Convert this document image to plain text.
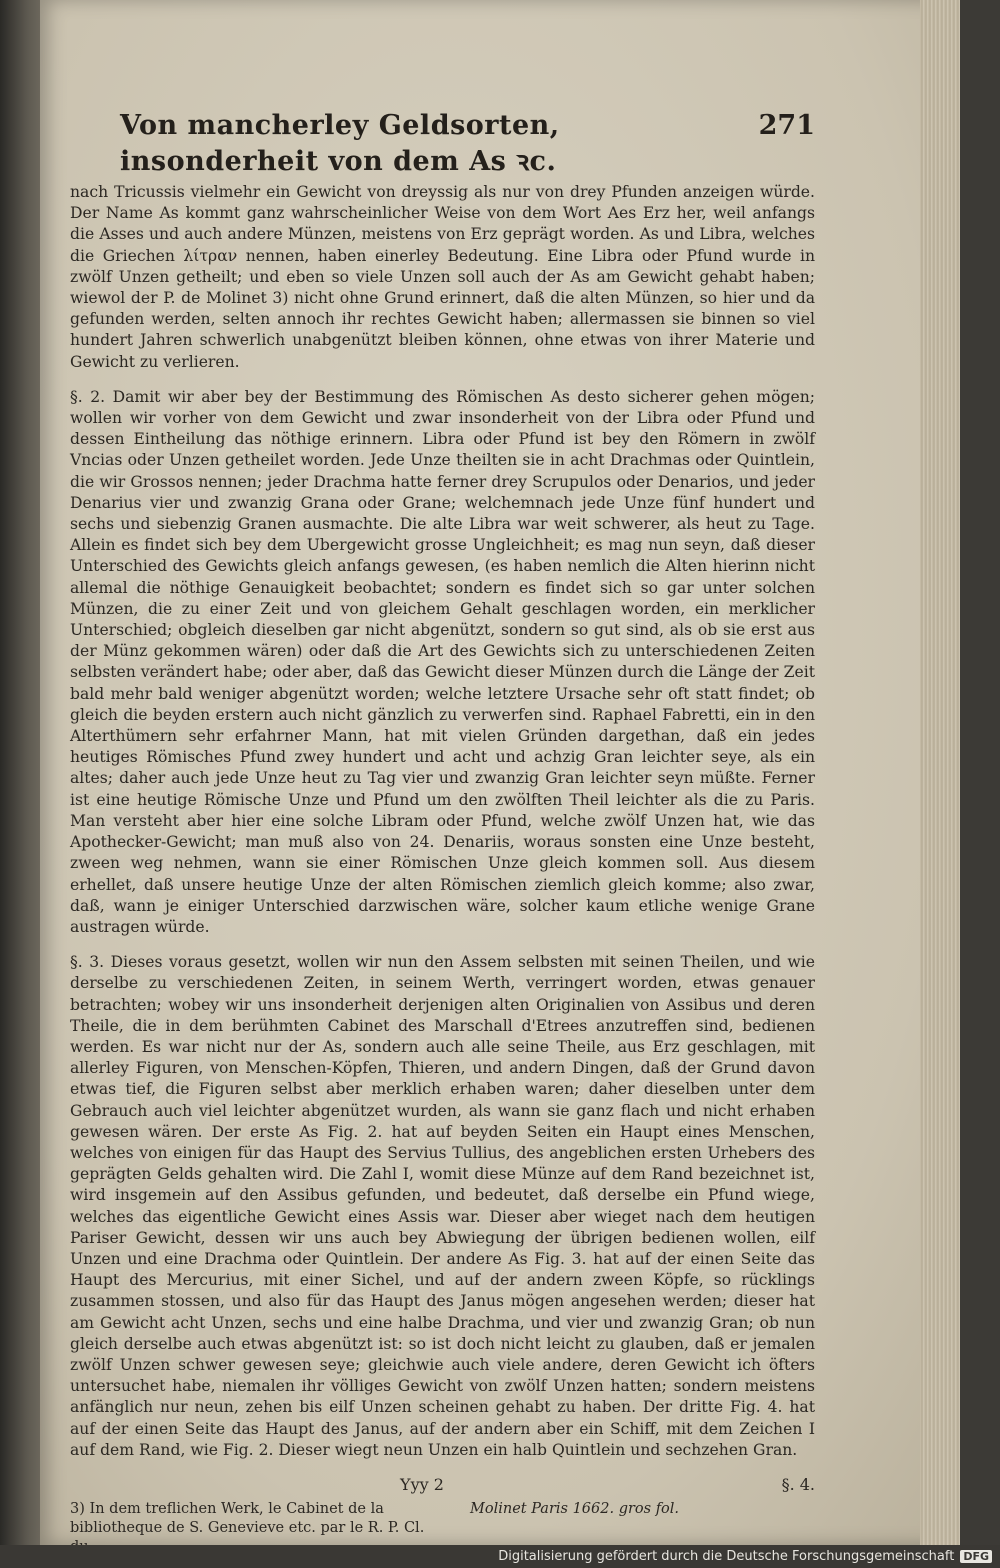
Von mancherley Geldsorten, insonderheit von dem As ꝛc.
271

nach Tricussis vielmehr ein Gewicht von dreyssig als nur von drey Pfunden anzeigen würde. Der Name As kommt ganz wahrscheinlicher Weise von dem Wort Aes Erz her, weil anfangs die Asses und auch andere Münzen, meistens von Erz geprägt worden. As und Libra, welches die Griechen λίτραν nennen, haben einerley Bedeutung. Eine Libra oder Pfund wurde in zwölf Unzen getheilt; und eben so viele Unzen soll auch der As am Gewicht gehabt haben; wiewol der P. de Molinet 3) nicht ohne Grund erinnert, daß die alten Münzen, so hier und da gefunden werden, selten annoch ihr rechtes Gewicht haben; allermassen sie binnen so viel hundert Jahren schwerlich unabgenützt bleiben können, ohne etwas von ihrer Materie und Gewicht zu verlieren.

§. 2. Damit wir aber bey der Bestimmung des Römischen As desto sicherer gehen mögen; wollen wir vorher von dem Gewicht und zwar insonderheit von der Libra oder Pfund und dessen Eintheilung das nöthige erinnern. Libra oder Pfund ist bey den Römern in zwölf Vncias oder Unzen getheilet worden. Jede Unze theilten sie in acht Drachmas oder Quintlein, die wir Grossos nennen; jeder Drachma hatte ferner drey Scrupulos oder Denarios, und jeder Denarius vier und zwanzig Grana oder Grane; welchemnach jede Unze fünf hundert und sechs und siebenzig Granen ausmachte. Die alte Libra war weit schwerer, als heut zu Tage. Allein es findet sich bey dem Ubergewicht grosse Ungleichheit; es mag nun seyn, daß dieser Unterschied des Gewichts gleich anfangs gewesen, (es haben nemlich die Alten hierinn nicht allemal die nöthige Genauigkeit beobachtet; sondern es findet sich so gar unter solchen Münzen, die zu einer Zeit und von gleichem Gehalt geschlagen worden, ein merklicher Unterschied; obgleich dieselben gar nicht abgenützt, sondern so gut sind, als ob sie erst aus der Münz gekommen wären) oder daß die Art des Gewichts sich zu unterschiedenen Zeiten selbsten verändert habe; oder aber, daß das Gewicht dieser Münzen durch die Länge der Zeit bald mehr bald weniger abgenützt worden; welche letztere Ursache sehr oft statt findet; ob gleich die beyden erstern auch nicht gänzlich zu verwerfen sind. Raphael Fabretti, ein in den Alterthümern sehr erfahrner Mann, hat mit vielen Gründen dargethan, daß ein jedes heutiges Römisches Pfund zwey hundert und acht und achzig Gran leichter seye, als ein altes; daher auch jede Unze heut zu Tag vier und zwanzig Gran leichter seyn müßte. Ferner ist eine heutige Römische Unze und Pfund um den zwölften Theil leichter als die zu Paris. Man versteht aber hier eine solche Libram oder Pfund, welche zwölf Unzen hat, wie das Apothecker-Gewicht; man muß also von 24. Denariis, woraus sonsten eine Unze besteht, zween weg nehmen, wann sie einer Römischen Unze gleich kommen soll. Aus diesem erhellet, daß unsere heutige Unze der alten Römischen ziemlich gleich komme; also zwar, daß, wann je einiger Unterschied darzwischen wäre, solcher kaum etliche wenige Grane austragen würde.

§. 3. Dieses voraus gesetzt, wollen wir nun den Assem selbsten mit seinen Theilen, und wie derselbe zu verschiedenen Zeiten, in seinem Werth, verringert worden, etwas genauer betrachten; wobey wir uns insonderheit derjenigen alten Originalien von Assibus und deren Theile, die in dem berühmten Cabinet des Marschall d'Etrees anzutreffen sind, bedienen werden. Es war nicht nur der As, sondern auch alle seine Theile, aus Erz geschlagen, mit allerley Figuren, von Menschen-Köpfen, Thieren, und andern Dingen, daß der Grund davon etwas tief, die Figuren selbst aber merklich erhaben waren; daher dieselben unter dem Gebrauch auch viel leichter abgenützet wurden, als wann sie ganz flach und nicht erhaben gewesen wären. Der erste As Fig. 2. hat auf beyden Seiten ein Haupt eines Menschen, welches von einigen für das Haupt des Servius Tullius, des angeblichen ersten Urhebers des geprägten Gelds gehalten wird. Die Zahl I, womit diese Münze auf dem Rand bezeichnet ist, wird insgemein auf den Assibus gefunden, und bedeutet, daß derselbe ein Pfund wiege, welches das eigentliche Gewicht eines Assis war. Dieser aber wieget nach dem heutigen Pariser Gewicht, dessen wir uns auch bey Abwiegung der übrigen bedienen wollen, eilf Unzen und eine Drachma oder Quintlein. Der andere As Fig. 3. hat auf der einen Seite das Haupt des Mercurius, mit einer Sichel, und auf der andern zween Köpfe, so rücklings zusammen stossen, und also für das Haupt des Janus mögen angesehen werden; dieser hat am Gewicht acht Unzen, sechs und eine halbe Drachma, und vier und zwanzig Gran; ob nun gleich derselbe auch etwas abgenützt ist: so ist doch nicht leicht zu glauben, daß er jemalen zwölf Unzen schwer gewesen seye; gleichwie auch viele andere, deren Gewicht ich öfters untersuchet habe, niemalen ihr völliges Gewicht von zwölf Unzen hatten; sondern meistens anfänglich nur neun, zehen bis eilf Unzen scheinen gehabt zu haben. Der dritte Fig. 4. hat auf der einen Seite das Haupt des Janus, auf der andern aber ein Schiff, mit dem Zeichen I auf dem Rand, wie Fig. 2. Dieser wiegt neun Unzen ein halb Quintlein und sechzehen Gran.

Yyy 2	§. 4.
3) In dem treflichen Werk, le Cabinet de la bibliotheque de S. Genevieve etc. par le R. P. Cl.
Molinet Paris 1662. gros fol.
Digitalisierung gefördert durch die Deutsche Forschungsgemeinschaft DFG
